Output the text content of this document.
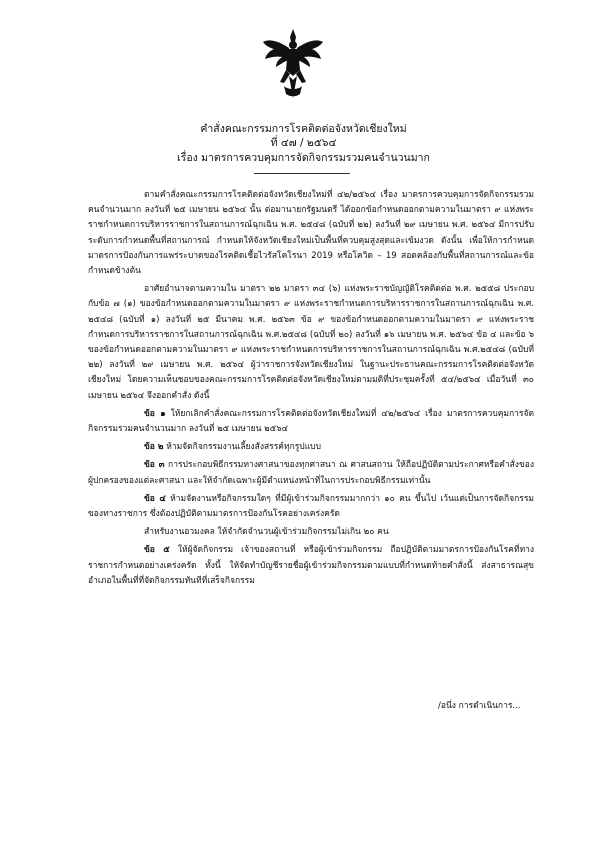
คำสั่งคณะกรรมการโรคติดต่อจังหวัดเชียงใหม่
ที่ ๔๗ / ๒๕๖๔
เรื่อง มาตรการควบคุมการจัดกิจกรรมรวมคนจำนวนมาก

ตามคำสั่งคณะกรรมการโรคติดต่อจังหวัดเชียงใหม่ที่ ๔๒/๒๕๖๔ เรื่อง มาตรการควบคุมการจัดกิจกรรมรวมคนจำนวนมาก ลงวันที่ ๒๕ เมษายน ๒๕๖๔ นั้น ต่อมานายกรัฐมนตรี ได้ออกข้อกำหนดออกตามความในมาตรา ๙ แห่งพระราชกำหนดการบริหารราชการในสถานการณ์ฉุกเฉิน พ.ศ. ๒๕๔๘ (ฉบับที่ ๒๒) ลงวันที่ ๒๙ เมษายน พ.ศ. ๒๕๖๔ มีการปรับระดับการกำหนดพื้นที่สถานการณ์ กำหนดให้จังหวัดเชียงใหม่เป็นพื้นที่ควบคุมสูงสุดและเข้มงวด ดังนั้น เพื่อให้การกำหนดมาตรการป้องกันการแพร่ระบาดของโรคติดเชื้อไวรัสโคโรนา 2019 หรือโควิด – 19 สอดคล้องกับพื้นที่สถานการณ์และข้อกำหนดข้างต้น

อาศัยอำนาจตามความใน มาตรา ๒๒ มาตรา ๓๔ (๖) แห่งพระราชบัญญัติโรคติดต่อ พ.ศ. ๒๕๕๘ ประกอบกับข้อ ๗ (๑) ของข้อกำหนดออกตามความในมาตรา ๙ แห่งพระราชกำหนดการบริหารราชการในสถานการณ์ฉุกเฉิน พ.ศ. ๒๕๔๘ (ฉบับที่ ๑) ลงวันที่ ๒๕ มีนาคม พ.ศ. ๒๕๖๓ ข้อ ๙ ของข้อกำหนดออกตามความในมาตรา ๙ แห่งพระราชกำหนดการบริหารราชการในสถานการณ์ฉุกเฉิน พ.ศ.๒๕๔๘ (ฉบับที่ ๒๐) ลงวันที่ ๑๖ เมษายน พ.ศ. ๒๕๖๔ ข้อ ๔ และข้อ ๖ ของข้อกำหนดออกตามความในมาตรา ๙ แห่งพระราชกำหนดการบริหารราชการในสถานการณ์ฉุกเฉิน พ.ศ.๒๕๔๘ (ฉบับที่ ๒๒) ลงวันที่ ๒๙ เมษายน พ.ศ. ๒๕๖๔ ผู้ว่าราชการจังหวัดเชียงใหม่ ในฐานะประธานคณะกรรมการโรคติดต่อจังหวัดเชียงใหม่ โดยความเห็นชอบของคณะกรรมการโรคติดต่อจังหวัดเชียงใหม่ตามมติที่ประชุมครั้งที่ ๕๔/๒๕๖๔ เมื่อวันที่ ๓๐ เมษายน ๒๕๖๔ จึงออกคำสั่ง ดังนี้

ข้อ ๑ ให้ยกเลิกคำสั่งคณะกรรมการโรคติดต่อจังหวัดเชียงใหม่ที่ ๔๒/๒๕๖๔ เรื่อง มาตรการควบคุมการจัดกิจกรรมรวมคนจำนวนมาก ลงวันที่ ๒๕ เมษายน ๒๕๖๔

ข้อ ๒ ห้ามจัดกิจกรรมงานเลี้ยงสังสรรค์ทุกรูปแบบ

ข้อ ๓ การประกอบพิธีกรรมทางศาสนาของทุกศาสนา ณ ศาสนสถาน ให้ถือปฏิบัติตามประกาศหรือคำสั่งของผู้ปกครองของแต่ละศาสนา และให้จำกัดเฉพาะผู้มีตำแหน่งหน้าที่ในการประกอบพิธีกรรมเท่านั้น

ข้อ ๔ ห้ามจัดงานหรือกิจกรรมใดๆ ที่มีผู้เข้าร่วมกิจกรรมมากกว่า ๑๐ คน ขึ้นไป เว้นแต่เป็นการจัดกิจกรรมของทางราชการ ซึ่งต้องปฏิบัติตามมาตรการป้องกันโรคอย่างเคร่งครัด

สำหรับงานอวมงคล ให้จำกัดจำนวนผู้เข้าร่วมกิจกรรมไม่เกิน ๒๐ คน

ข้อ ๕ ให้ผู้จัดกิจกรรม เจ้าของสถานที่ หรือผู้เข้าร่วมกิจกรรม ถือปฏิบัติตามมาตรการป้องกันโรคที่ทางราชการกำหนดอย่างเคร่งครัด ทั้งนี้ ให้จัดทำบัญชีรายชื่อผู้เข้าร่วมกิจกรรมตามแบบที่กำหนดท้ายคำสั่งนี้ ส่งสาธารณสุขอำเภอในพื้นที่ที่จัดกิจกรรมทันทีที่เสร็จกิจกรรม

/อนึ่ง การดำเนินการ...
